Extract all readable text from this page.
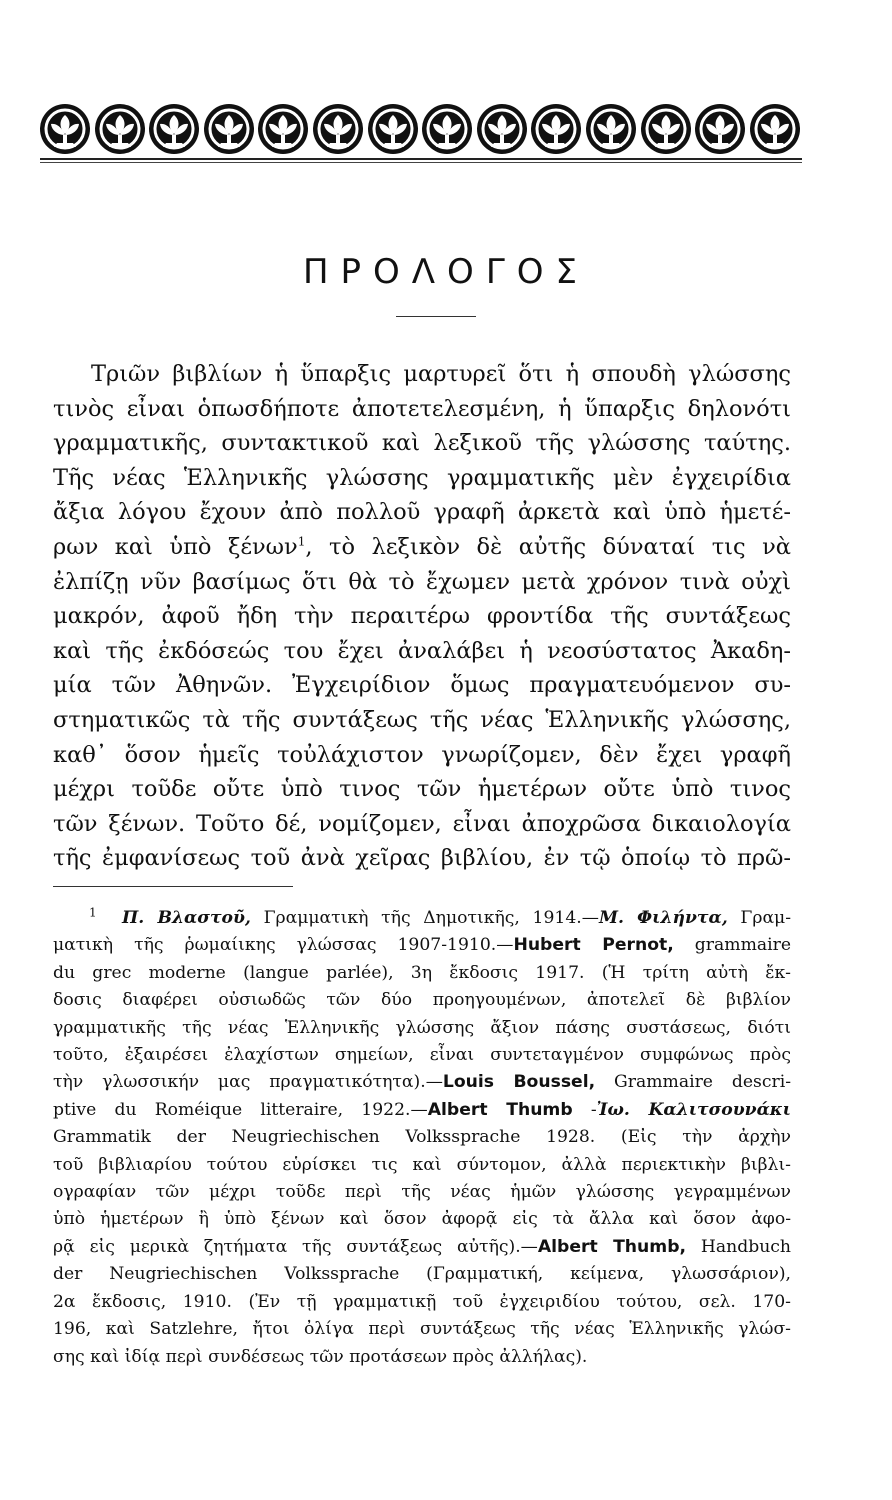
ΠΡΟΛΟΓΟΣ
Τριῶν βιβλίων ἡ ὕπαρξις μαρτυρεῖ ὅτι ἡ σπουδὴ γλώσσης
τινὸς εἶναι ὁπωσδήποτε ἀποτετελεσμένη, ἡ ὕπαρξις δηλονότι
γραμματικῆς, συντακτικοῦ καὶ λεξικοῦ τῆς γλώσσης ταύτης.
Τῆς νέας Ἑλληνικῆς γλώσσης γραμματικῆς μὲν ἐγχειρίδια
ἄξια λόγου ἔχουν ἀπὸ πολλοῦ γραφῆ ἀρκετὰ καὶ ὑπὸ ἡμετέ-
ρων καὶ ὑπὸ ξένων$^1$, τὸ λεξικὸν δὲ αὐτῆς δύναταί τις νὰ
ἐλπίζῃ νῦν βασίμως ὅτι θὰ τὸ ἔχωμεν μετὰ χρόνον τινὰ οὐχὶ
μακρόν, ἀφοῦ ἤδη τὴν περαιτέρω φροντίδα τῆς συντάξεως
καὶ τῆς ἐκδόσεώς του ἔχει ἀναλάβει ἡ νεοσύστατος Ἀκαδη-
μία τῶν Ἀθηνῶν. Ἐγχειρίδιον ὅμως πραγματευόμενον συ-
στηματικῶς τὰ τῆς συντάξεως τῆς νέας Ἑλληνικῆς γλώσσης,
καθ᾽ ὅσον ἡμεῖς τοὐλάχιστον γνωρίζομεν, δὲν ἔχει γραφῆ
μέχρι τοῦδε οὔτε ὑπὸ τινος τῶν ἡμετέρων οὔτε ὑπὸ τινος
τῶν ξένων. Τοῦτο δέ, νομίζομεν, εἶναι ἀποχρῶσα δικαιολογία
τῆς ἐμφανίσεως τοῦ ἀνὰ χεῖρας βιβλίου, ἐν τῷ ὁποίῳ τὸ πρῶ-
$^1$ Π. Βλαστοῦ, Γραμματικὴ τῆς Δημοτικῆς, 1914.—Μ. Φιλήντα, Γραμ-
ματικὴ τῆς ῥωμαίικης γλώσσας 1907-1910.—Hubert Pernot, grammaire
du grec moderne (langue parlée), 3η ἔκδοσις 1917. (Ἡ τρίτη αὐτὴ ἔκ-
δοσις διαφέρει οὐσιωδῶς τῶν δύο προηγουμένων, ἀποτελεῖ δὲ βιβλίον
γραμματικῆς τῆς νέας Ἑλληνικῆς γλώσσης ἄξιον πάσης συστάσεως, διότι
τοῦτο, ἐξαιρέσει ἐλαχίστων σημείων, εἶναι συντεταγμένον συμφώνως πρὸς
τὴν γλωσσικήν μας πραγματικότητα).—Louis Boussel, Grammaire descri-
ptive du Roméique litteraire, 1922.—Albert Thumb -Ἰω. Καλιτσουνάκι
Grammatik der Neugriechischen Volkssprache 1928. (Εἰς τὴν ἀρχὴν
τοῦ βιβλιαρίου τούτου εὑρίσκει τις καὶ σύντομον, ἀλλὰ περιεκτικὴν βιβλι-
ογραφίαν τῶν μέχρι τοῦδε περὶ τῆς νέας ἡμῶν γλώσσης γεγραμμένων
ὑπὸ ἡμετέρων ἢ ὑπὸ ξένων καὶ ὅσον ἀφορᾷ εἰς τὰ ἄλλα καὶ ὅσον ἀφο-
ρᾷ εἰς μερικὰ ζητήματα τῆς συντάξεως αὐτῆς).—Albert Thumb, Handbuch
der Neugriechischen Volkssprache (Γραμματική, κείμενα, γλωσσάριον),
2α ἔκδοσις, 1910. (Ἐν τῇ γραμματικῇ τοῦ ἐγχειριδίου τούτου, σελ. 170-
196, καὶ Satzlehre, ἤτοι ὀλίγα περὶ συντάξεως τῆς νέας Ἑλληνικῆς γλώσ-
σης καὶ ἰδίᾳ περὶ συνδέσεως τῶν προτάσεων πρὸς ἀλλήλας).
